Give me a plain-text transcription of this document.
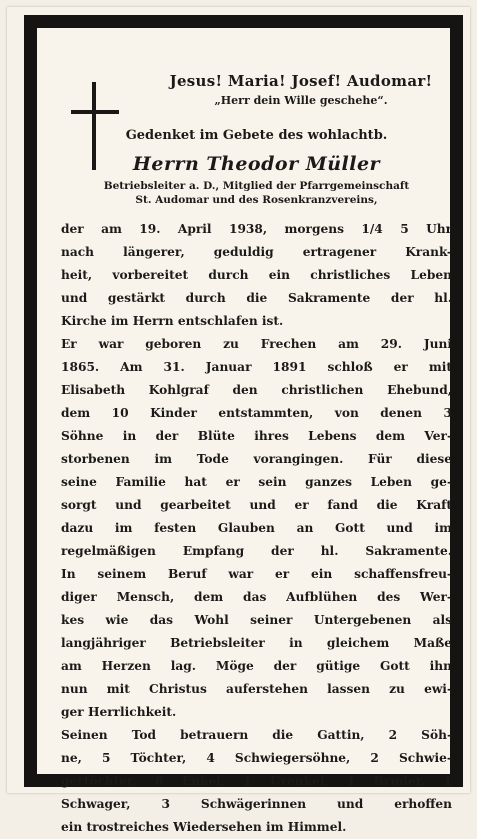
Jesus! Maria! Josef! Audomar!
„Herr dein Wille geschehe“.
Gedenket im Gebete des wohlachtb.
Herrn Theodor Müller
Betriebsleiter a. D., Mitglied der Pfarrgemeinschaft
St. Audomar und des Rosenkranzvereins,
der am 19. April 1938, morgens 1/4 5 Uhr
nach längerer, geduldig ertragener Krank-
heit, vorbereitet durch ein christliches Leben
und gestärkt durch die Sakramente der hl.
Kirche im Herrn entschlafen ist.
Er war geboren zu Frechen am 29. Juni
1865. Am 31. Januar 1891 schloß er mit
Elisabeth Kohlgraf den christlichen Ehebund,
dem 10 Kinder entstammten, von denen 3
Söhne in der Blüte ihres Lebens dem Ver-
storbenen im Tode vorangingen. Für diese
seine Familie hat er sein ganzes Leben ge-
sorgt und gearbeitet und er fand die Kraft
dazu im festen Glauben an Gott und im
regelmäßigen Empfang der hl. Sakramente.
In seinem Beruf war er ein schaffensfreu-
diger Mensch, dem das Aufblühen des Wer-
kes wie das Wohl seiner Untergebenen als
langjähriger Betriebsleiter in gleichem Maße
am Herzen lag. Möge der gütige Gott ihn
nun mit Christus auferstehen lassen zu ewi-
ger Herrlichkeit.
Seinen Tod betrauern die Gattin, 2 Söh-
ne, 5 Töchter, 4 Schwiegersöhne, 2 Schwie-
gertöchter, 8 Enkel, 1 Urenkel, 1 Bruder, 1
Schwager, 3 Schwägerinnen und erhoffen
ein trostreiches Wiedersehen im Himmel.
